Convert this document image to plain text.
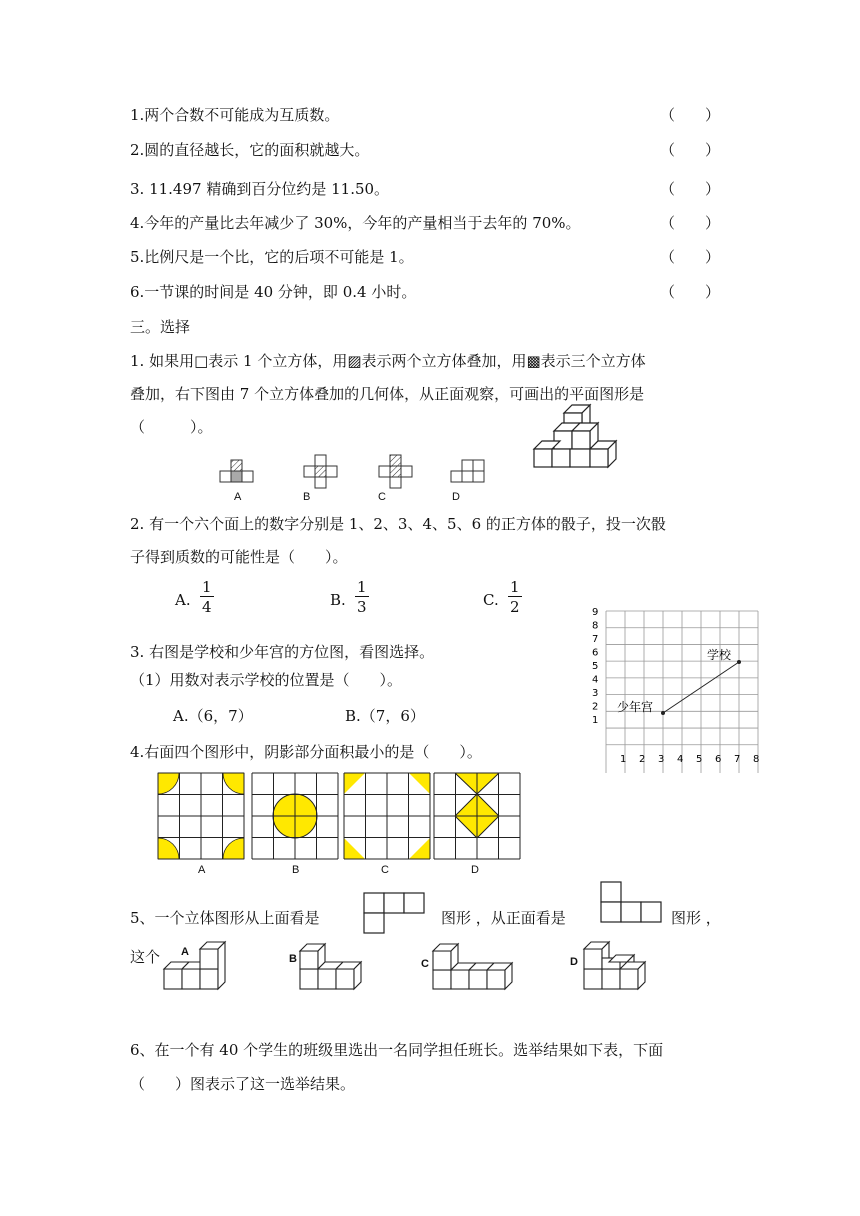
1.两个合数不可能成为互质数。	（　　）
2.圆的直径越长，它的面积就越大。	（　　）
3. 11.497 精确到百分位约是 11.50。	（　　）
4.今年的产量比去年减少了 30%，今年的产量相当于去年的 70%。	（　　）
5.比例尺是一个比，它的后项不可能是 1。	（　　）
6.一节课的时间是 40 分钟，即 0.4 小时。	（　　）
三。选择
1. 如果用□表示 1 个立方体，用▨表示两个立方体叠加，用▩表示三个立方体
叠加，右下图由 7 个立方体叠加的几何体，从正面观察，可画出的平面图形是
（　　　）。
A	B	C	D
2. 有一个六个面上的数字分别是 1、2、3、4、5、6 的正方体的骰子，投一次骰
子得到质数的可能性是（　　）。
A. $\frac{1}{4}$	B. $\frac{1}{3}$	C. $\frac{1}{2}$
3. 右图是学校和少年宫的方位图，看图选择。
（1）用数对表示学校的位置是（　　）。
A.（6，7）	B.（7，6）
9
8
7
6
5
4
3
2
1
1 2 3 4 5 6 7 8
学校
少年宫
4.右面四个图形中，阴影部分面积最小的是（　　）。
A	B	C	D
5、一个立体图形从上面看是	图形 ，从正面看是	图形 ，
这个 A
B	C	D
6、在一个有 40 个学生的班级里选出一名同学担任班长。选举结果如下表，下面
（　　）图表示了这一选举结果。
